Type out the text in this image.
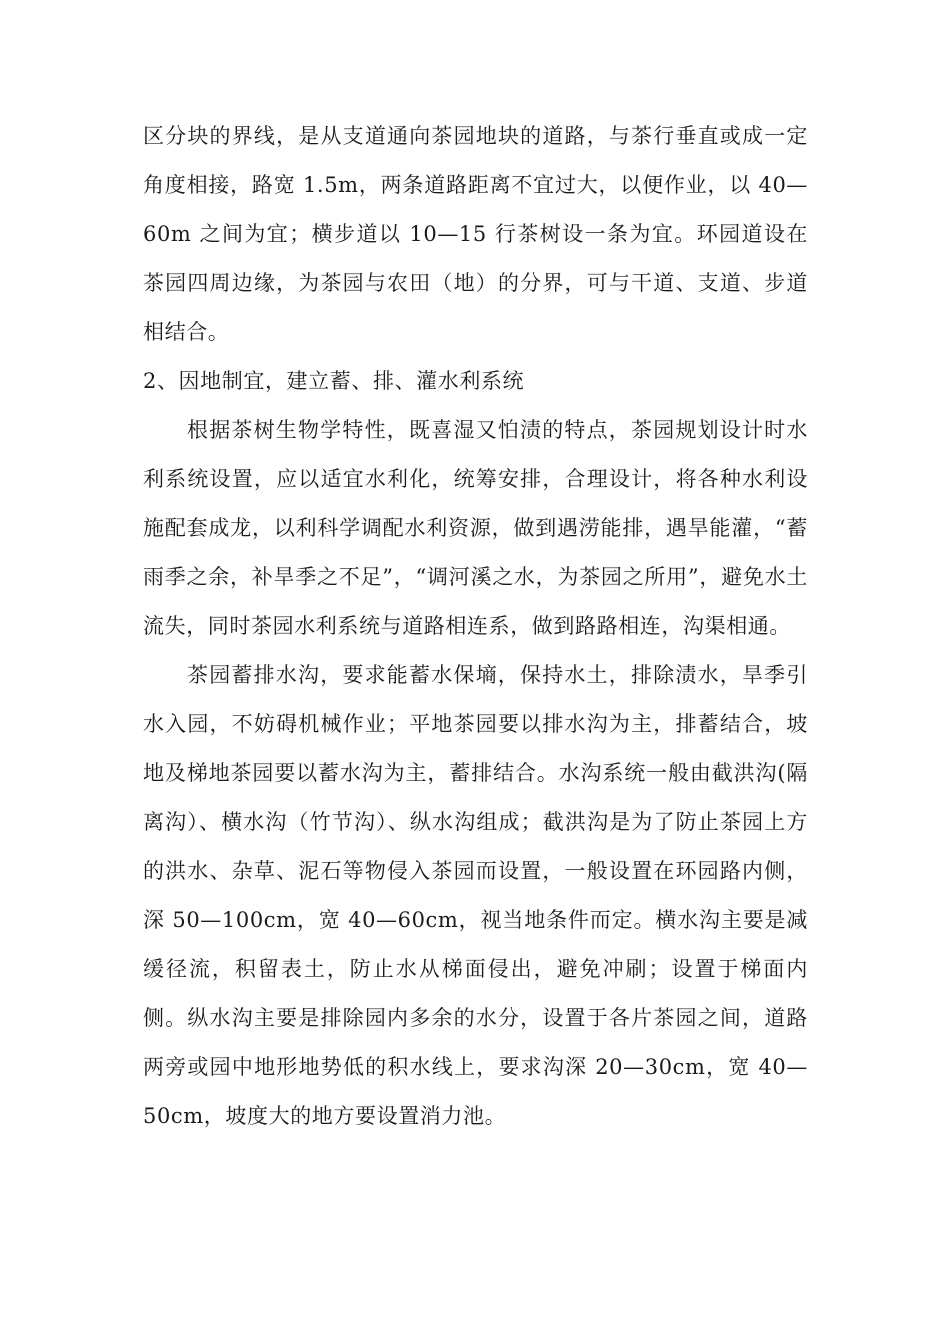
区分块的界线，是从支道通向茶园地块的道路，与茶行垂直或成一定角度相接，路宽 1.5m，两条道路距离不宜过大，以便作业，以 40—60m 之间为宜；横步道以 10—15 行茶树设一条为宜。环园道设在茶园四周边缘，为茶园与农田（地）的分界，可与干道、支道、步道相结合。

2、因地制宜，建立蓄、排、灌水利系统

根据茶树生物学特性，既喜湿又怕渍的特点，茶园规划设计时水利系统设置，应以适宜水利化，统筹安排，合理设计，将各种水利设施配套成龙，以利科学调配水利资源，做到遇涝能排，遇旱能灌，“蓄雨季之余，补旱季之不足”，“调河溪之水，为茶园之所用”，避免水土流失，同时茶园水利系统与道路相连系，做到路路相连，沟渠相通。

茶园蓄排水沟，要求能蓄水保墒，保持水土，排除渍水，旱季引水入园，不妨碍机械作业；平地茶园要以排水沟为主，排蓄结合，坡地及梯地茶园要以蓄水沟为主，蓄排结合。水沟系统一般由截洪沟(隔离沟）、横水沟（竹节沟）、纵水沟组成；截洪沟是为了防止茶园上方的洪水、杂草、泥石等物侵入茶园而设置，一般设置在环园路内侧，深 50—100cm，宽 40—60cm，视当地条件而定。横水沟主要是减缓径流，积留表土，防止水从梯面侵出，避免冲刷；设置于梯面内侧。纵水沟主要是排除园内多余的水分，设置于各片茶园之间，道路两旁或园中地形地势低的积水线上，要求沟深 20—30cm，宽 40—50cm，坡度大的地方要设置消力池。
